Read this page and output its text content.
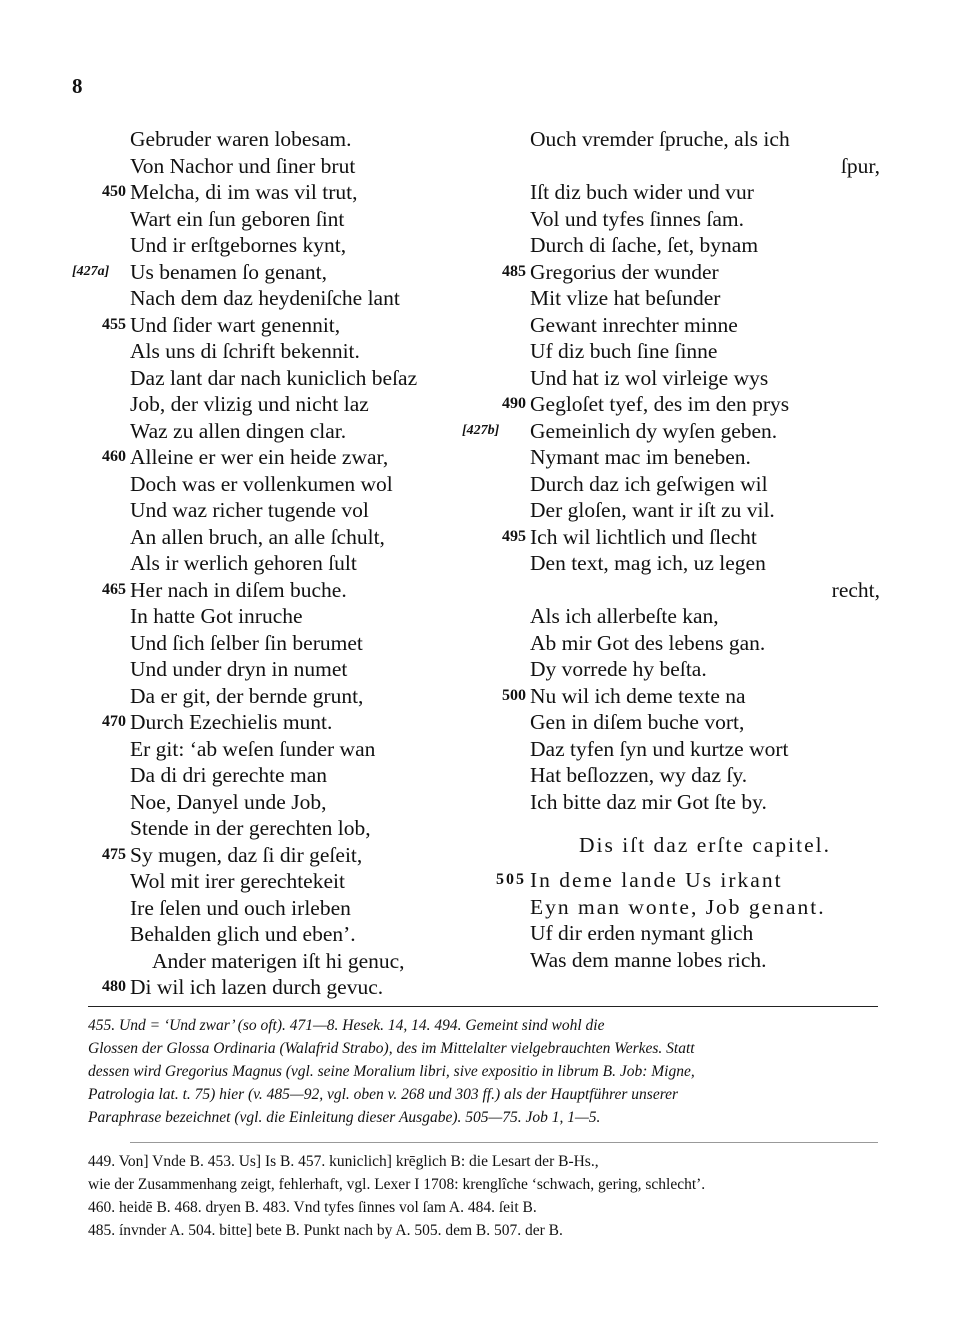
8
Gebruder waren lobesam.
Von Nachor und ſiner brut
450 Melcha, di im was vil trut,
Wart ein ſun geboren ſint
Und ir erſtgebornes kynt,
[427a] Us benamen ſo genant,
Nach dem daz heydeniſche lant
455 Und ſider wart genennit,
Als uns di ſchrift bekennit.
Daz lant dar nach kuniclich beſaz
Job, der vlizig und nicht laz
Waz zu allen dingen clar.
460 Alleine er wer ein heide zwar,
Doch was er vollenkumen wol
Und waz richer tugende vol
An allen bruch, an alle ſchult,
Als ir werlich gehoren ſult
465 Her nach in diſem buche.
In hatte Got inruche
Und ſich ſelber ſin berumet
Und under dryn in numet
Da er git, der bernde grunt,
470 Durch Ezechielis munt.
Er git: ‘ab weſen ſunder wan
Da di dri gerechte man
Noe, Danyel unde Job,
Stende in der gerechten lob,
475 Sy mugen, daz ſi dir geſeit,
Wol mit irer gerechtekeit
Ire ſelen und ouch irleben
Behalden glich und eben’.
Ander materigen iſt hi genuc,
480 Di wil ich lazen durch gevuc.
Ouch vremder ſpruche, als ich
ſpur,
Iſt diz buch wider und vur
Vol und tyfes ſinnes ſam.
Durch di ſache, ſet, bynam
485 Gregorius der wunder
Mit vlize hat beſunder
Gewant inrechter minne
Uf diz buch ſine ſinne
Und hat iz wol virleige wys
490 Gegloſet tyef, des im den prys
[427b]	Gemeinlich dy wyſen geben.
Nymant mac im beneben.
Durch daz ich geſwigen wil
Der gloſen, want ir iſt zu vil.
495 Ich wil lichtlich und ſlecht
Den text, mag ich, uz legen
recht,
Als ich allerbeſte kan,
Ab mir Got des lebens gan.
Dy vorrede hy beſta.
500 Nu wil ich deme texte na
Gen in diſem buche vort,
Daz tyfen ſyn und kurtze wort
Hat beſlozzen, wy daz ſy.
Ich bitte daz mir Got ſte by.
Dis iſt daz erſte capitel.
505 In deme lande Us irkant
Eyn man wonte, Job genant.
Uf dir erden nymant glich
Was dem manne lobes rich.

455. Und = ‘Und zwar’ (so oft). 471—8. Hesek. 14, 14. 494. Gemeint sind wohl die

Glossen der Glossa Ordinaria (Walafrid Strabo), des im Mittelalter vielgebrauchten Werkes. Statt

dessen wird Gregorius Magnus (vgl. seine Moralium libri, sive expositio in librum B. Job: Migne,

Patrologia lat. t. 75) hier (v. 485—92, vgl. oben v. 268 und 303 ff.) als der Hauptführer unserer

Paraphrase bezeichnet (vgl. die Einleitung dieser Ausgabe). 505—75. Job 1, 1—5.

449. Von] Vnde B. 453. Us] Is B. 457. kuniclich] krēglich B: die Lesart der B-Hs.,

wie der Zusammenhang zeigt, fehlerhaft, vgl. Lexer I 1708: krenglîche ‘schwach, gering, schlecht’.

460. heidē B. 468. dryen B. 483. Vnd tyfes ſinnes vol ſam A. 484. ſeit B.

485. ínvnder A. 504. bitte] bete B. Punkt nach by A. 505. dem B. 507. der B.
